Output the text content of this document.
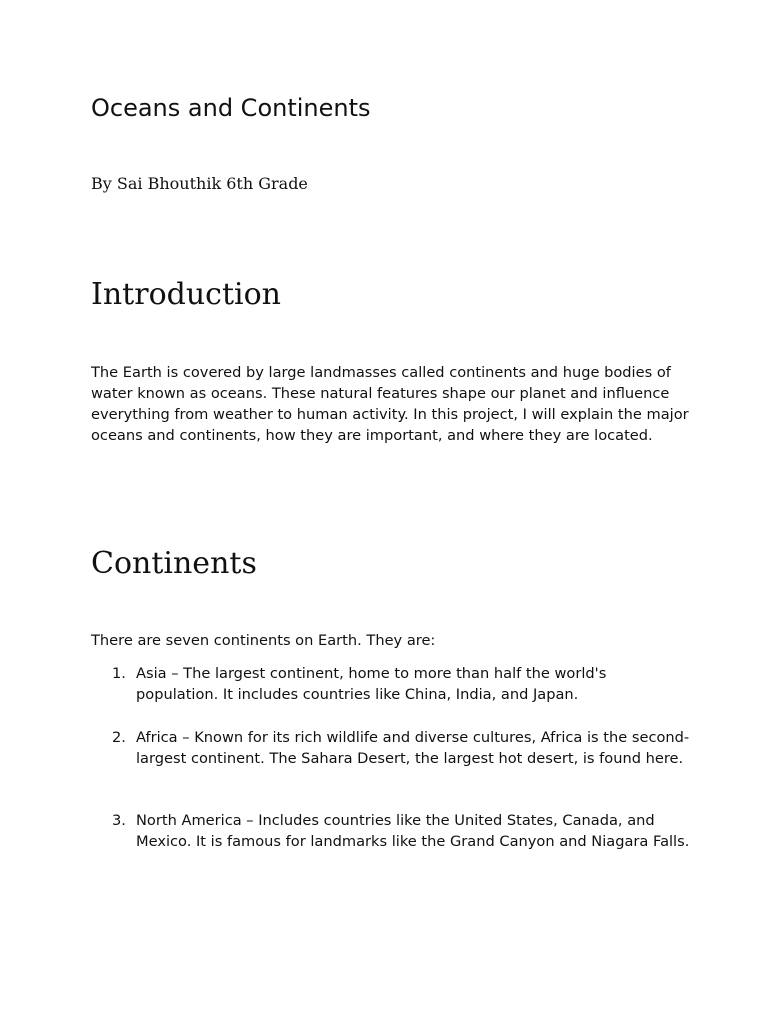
Oceans and Continents

By Sai Bhouthik 6th Grade

Introduction

The Earth is covered by large landmasses called continents and huge bodies of water known as oceans. These natural features shape our planet and influence everything from weather to human activity. In this project, I will explain the major oceans and continents, how they are important, and where they are located.

Continents

There are seven continents on Earth. They are:

1. Asia – The largest continent, home to more than half the world's population. It includes countries like China, India, and Japan.
2. Africa – Known for its rich wildlife and diverse cultures, Africa is the second-largest continent. The Sahara Desert, the largest hot desert, is found here.
3. North America – Includes countries like the United States, Canada, and Mexico. It is famous for landmarks like the Grand Canyon and Niagara Falls.
